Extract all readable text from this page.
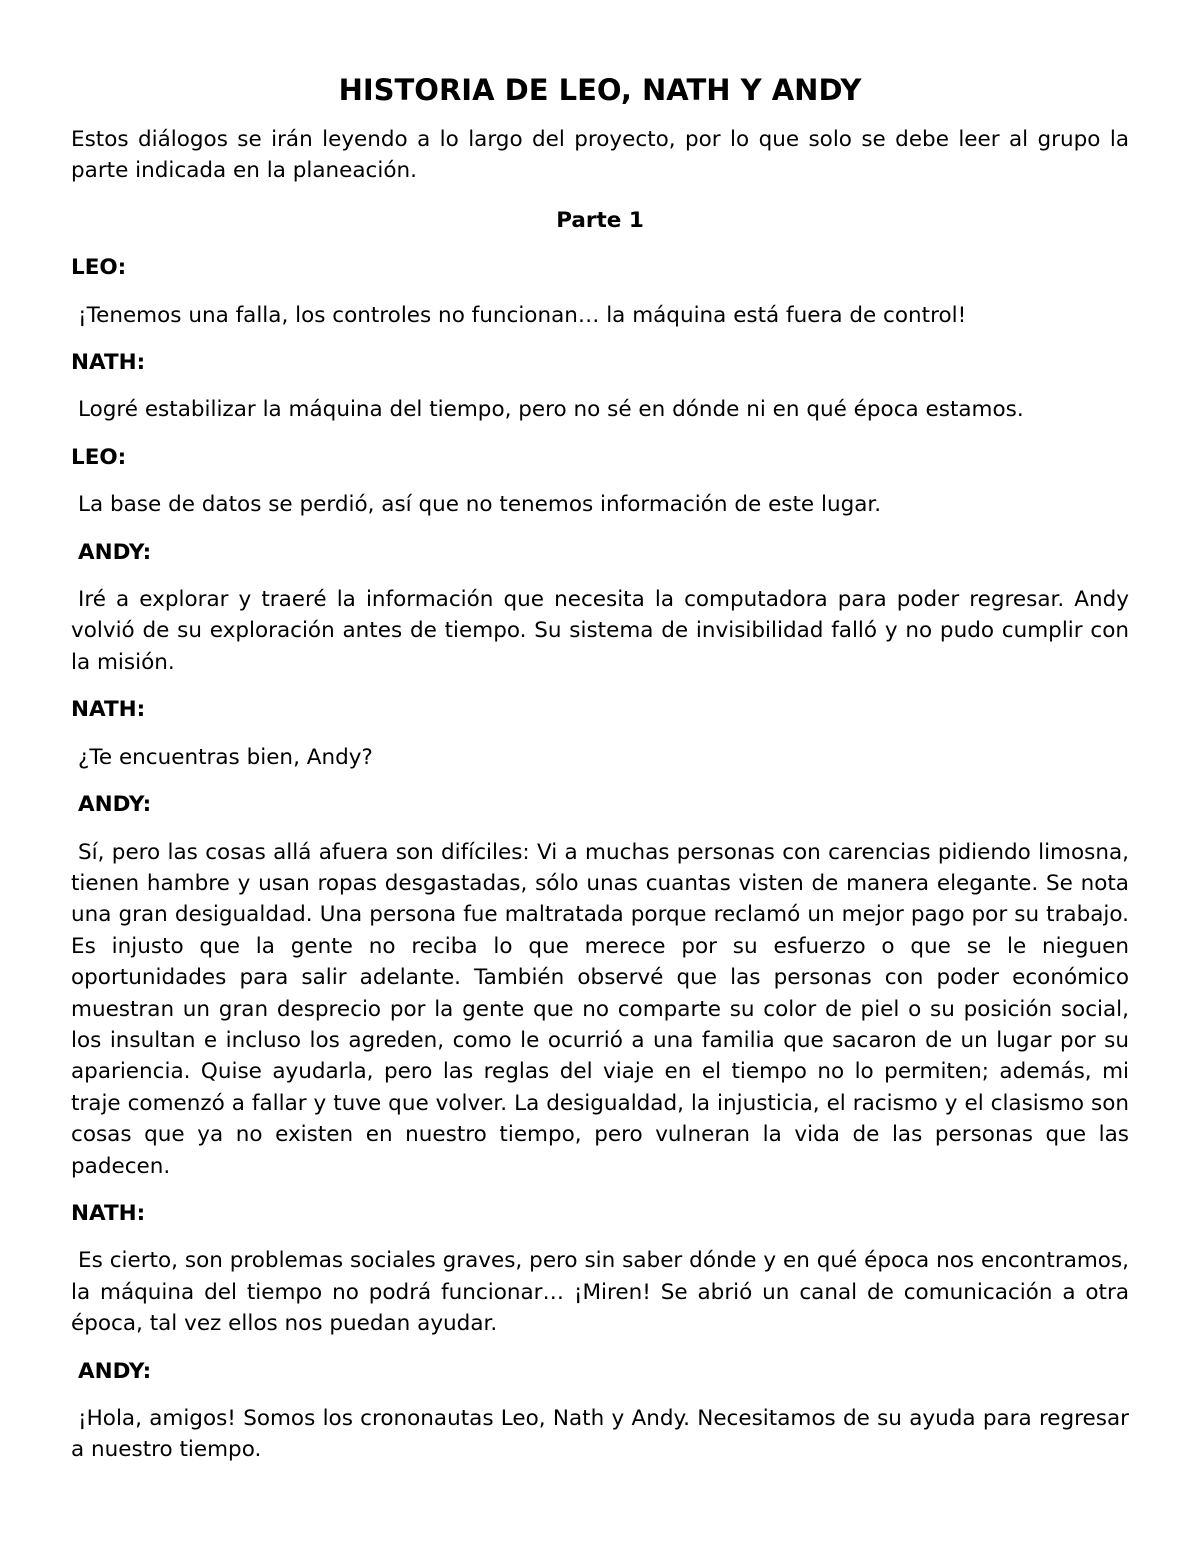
HISTORIA DE LEO, NATH Y ANDY

Estos diálogos se irán leyendo a lo largo del proyecto, por lo que solo se debe leer al grupo la parte indicada en la planeación.

Parte 1

LEO:

¡Tenemos una falla, los controles no funcionan… la máquina está fuera de control!

NATH:

Logré estabilizar la máquina del tiempo, pero no sé en dónde ni en qué época estamos.

LEO:

La base de datos se perdió, así que no tenemos información de este lugar.

ANDY:

Iré a explorar y traeré la información que necesita la computadora para poder regresar. Andy volvió de su exploración antes de tiempo. Su sistema de invisibilidad falló y no pudo cumplir con la misión.

NATH:

¿Te encuentras bien, Andy?

ANDY:

Sí, pero las cosas allá afuera son difíciles: Vi a muchas personas con carencias pidiendo limosna, tienen hambre y usan ropas desgastadas, sólo unas cuantas visten de manera elegante. Se nota una gran desigualdad. Una persona fue maltratada porque reclamó un mejor pago por su trabajo. Es injusto que la gente no reciba lo que merece por su esfuerzo o que se le nieguen oportunidades para salir adelante. También observé que las personas con poder económico muestran un gran desprecio por la gente que no comparte su color de piel o su posición social, los insultan e incluso los agreden, como le ocurrió a una familia que sacaron de un lugar por su apariencia. Quise ayudarla, pero las reglas del viaje en el tiempo no lo permiten; además, mi traje comenzó a fallar y tuve que volver. La desigualdad, la injusticia, el racismo y el clasismo son cosas que ya no existen en nuestro tiempo, pero vulneran la vida de las personas que las padecen.

NATH:

Es cierto, son problemas sociales graves, pero sin saber dónde y en qué época nos encontramos, la máquina del tiempo no podrá funcionar… ¡Miren! Se abrió un canal de comunicación a otra época, tal vez ellos nos puedan ayudar.

ANDY:

¡Hola, amigos! Somos los crononautas Leo, Nath y Andy. Necesitamos de su ayuda para regresar a nuestro tiempo.
